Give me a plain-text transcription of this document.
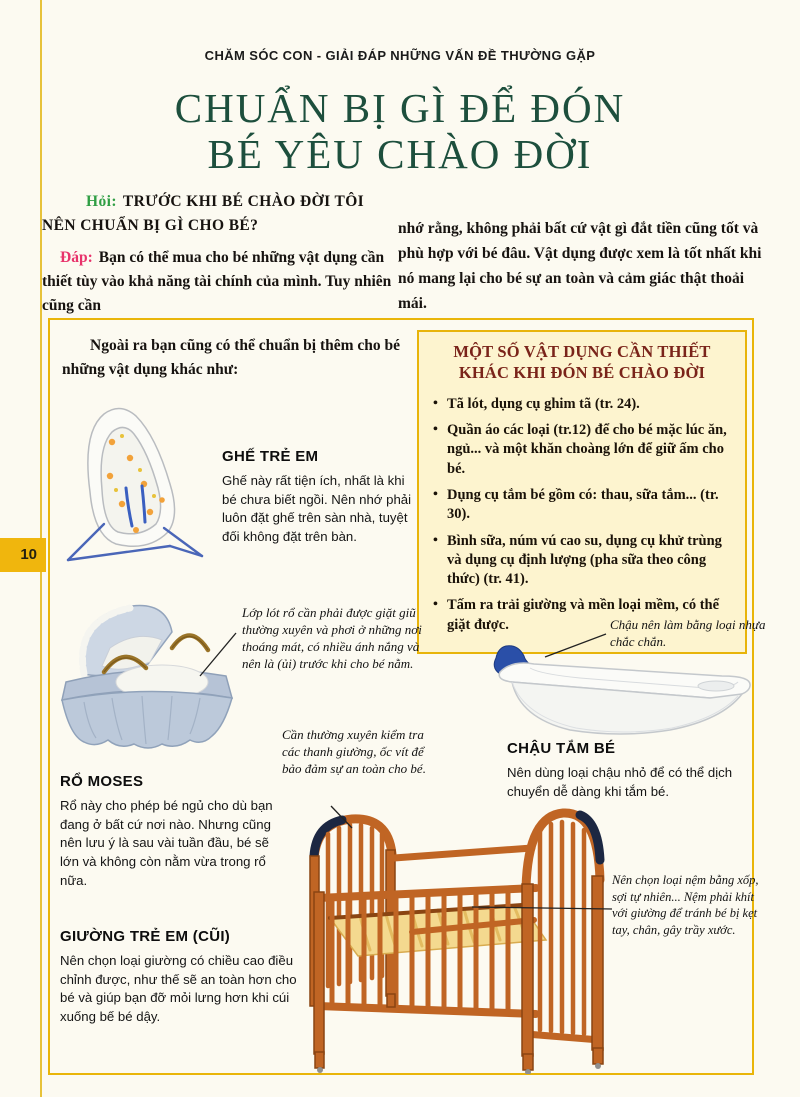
10
CHĂM SÓC CON - GIẢI ĐÁP NHỮNG VẤN ĐỀ THƯỜNG GẶP
CHUẨN BỊ GÌ ĐỂ ĐÓN
BÉ YÊU CHÀO ĐỜI

Hỏi: TRƯỚC KHI BÉ CHÀO ĐỜI TÔI NÊN CHUẨN BỊ GÌ CHO BÉ?

Đáp: Bạn có thể mua cho bé những vật dụng cần thiết tùy vào khả năng tài chính của mình. Tuy nhiên cũng cần

nhớ rằng, không phải bất cứ vật gì đắt tiền cũng tốt và phù hợp với bé đâu. Vật dụng được xem là tốt nhất khi nó mang lại cho bé sự an toàn và cảm giác thật thoải mái.

Ngoài ra bạn cũng có thể chuẩn bị thêm cho bé những vật dụng khác như:

MỘT SỐ VẬT DỤNG CẦN THIẾT
KHÁC KHI ĐÓN BÉ CHÀO ĐỜI

• Tã lót, dụng cụ ghim tã (tr. 24).
• Quần áo các loại (tr.12) để cho bé mặc lúc ăn, ngủ... và một khăn choàng lớn để giữ ấm cho bé.
• Dụng cụ tắm bé gồm có: thau, sữa tắm... (tr. 30).
• Bình sữa, núm vú cao su, dụng cụ khử trùng và dụng cụ định lượng (pha sữa theo công thức) (tr. 41).
• Tấm ra trải giường và mền loại mềm, có thể giặt được.
GHẾ TRẺ EM

Ghế này rất tiện ích, nhất là khi bé chưa biết ngồi. Nên nhớ phải luôn đặt ghế trên sàn nhà, tuyệt đối không đặt trên bàn.

Lớp lót rổ cần phải được giặt giũ thường xuyên và phơi ở những nơi thoáng mát, có nhiều ánh nắng và nên là (ủi) trước khi cho bé nằm.

Chậu nên làm bằng loại nhựa chắc chắn.

CHẬU TẮM BÉ

Nên dùng loại chậu nhỏ để có thể dịch chuyển dễ dàng khi tắm bé.

RỔ MOSES

Rổ này cho phép bé ngủ cho dù bạn đang ở bất cứ nơi nào. Nhưng cũng nên lưu ý là sau vài tuần đầu, bé sẽ lớn và không còn nằm vừa trong rổ nữa.

Cần thường xuyên kiểm tra các thanh giường, ốc vít để bảo đảm sự an toàn cho bé.

GIƯỜNG TRẺ EM (CŨI)

Nên chọn loại giường có chiều cao điều chỉnh được, như thế sẽ an toàn hơn cho bé và giúp bạn đỡ mỏi lưng hơn khi cúi xuống bế bé dậy.

Nên chọn loại nệm bằng xốp, sợi tự nhiên... Nệm phải khít với giường để tránh bé bị kẹt tay, chân, gây trầy xước.
